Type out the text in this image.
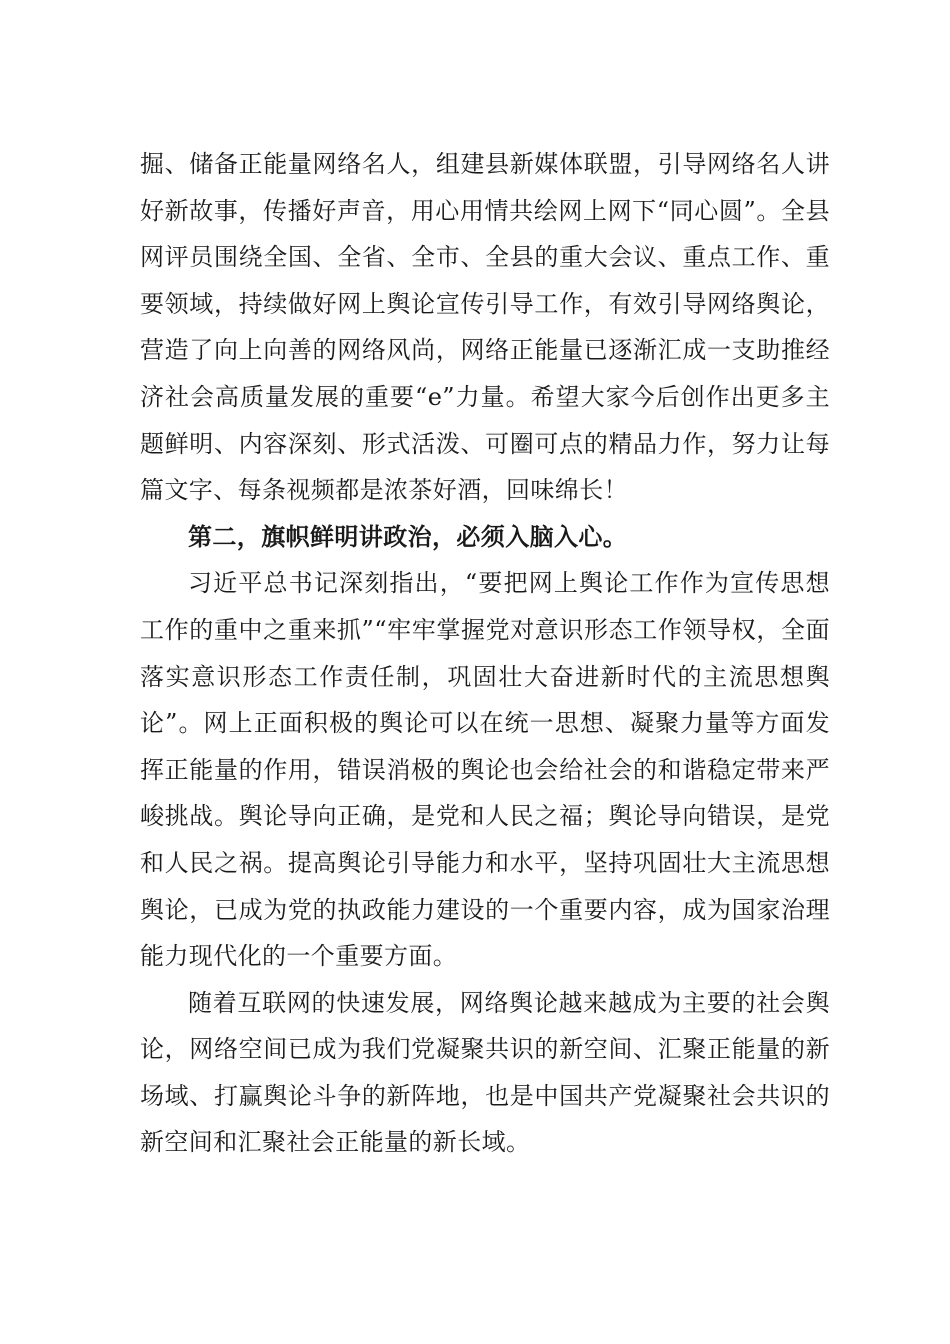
掘、储备正能量网络名人，组建县新媒体联盟，引导网络名人讲好新故事，传播好声音，用心用情共绘网上网下“同心圆”。全县网评员围绕全国、全省、全市、全县的重大会议、重点工作、重要领域，持续做好网上舆论宣传引导工作，有效引导网络舆论，营造了向上向善的网络风尚，网络正能量已逐渐汇成一支助推经济社会高质量发展的重要“e”力量。希望大家今后创作出更多主题鲜明、内容深刻、形式活泼、可圈可点的精品力作，努力让每篇文字、每条视频都是浓茶好酒，回味绵长！

第二，旗帜鲜明讲政治，必须入脑入心。

习近平总书记深刻指出，“要把网上舆论工作作为宣传思想工作的重中之重来抓”“牢牢掌握党对意识形态工作领导权，全面落实意识形态工作责任制，巩固壮大奋进新时代的主流思想舆论”。网上正面积极的舆论可以在统一思想、凝聚力量等方面发挥正能量的作用，错误消极的舆论也会给社会的和谐稳定带来严峻挑战。舆论导向正确，是党和人民之福；舆论导向错误，是党和人民之祸。提高舆论引导能力和水平，坚持巩固壮大主流思想舆论，已成为党的执政能力建设的一个重要内容，成为国家治理能力现代化的一个重要方面。

随着互联网的快速发展，网络舆论越来越成为主要的社会舆论，网络空间已成为我们党凝聚共识的新空间、汇聚正能量的新场域、打赢舆论斗争的新阵地，也是中国共产党凝聚社会共识的新空间和汇聚社会正能量的新长域。
